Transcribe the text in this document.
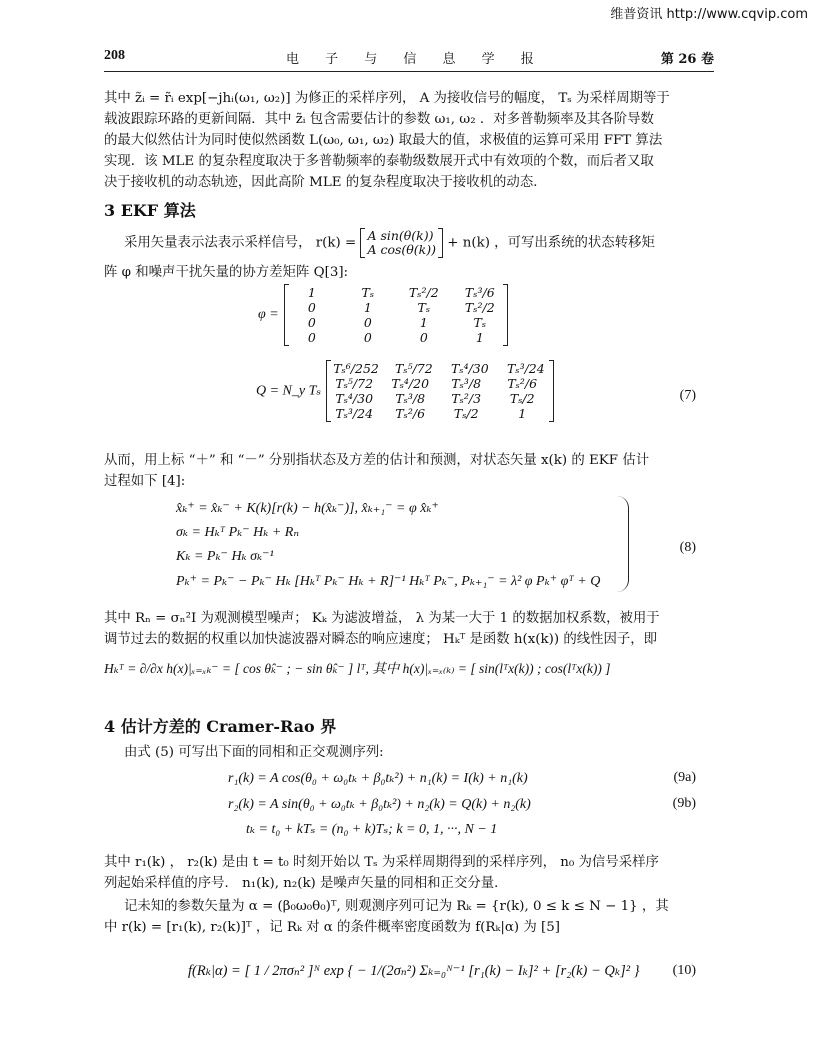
维普资讯 http://www.cqvip.com
208	电 子 与 信 息 学 报	第 26 卷
其中 z̃ᵢ = r̃ᵢ exp[−jhᵢ(ω₁, ω₂)] 为修正的采样序列， A 为接收信号的幅度， Tₛ 为采样周期等于
载波跟踪环路的更新间隔．其中 z̃ᵢ 包含需要估计的参数 ω₁, ω₂ ．对多普勒频率及其各阶导数
的最大似然估计为同时使似然函数 L(ω₀, ω₁, ω₂) 取最大的值，求极值的运算可采用 FFT 算法
实现．该 MLE 的复杂程度取决于多普勒频率的泰勒级数展开式中有效项的个数，而后者又取
决于接收机的动态轨迹，因此高阶 MLE 的复杂程度取决于接收机的动态．
3 EKF 算法
采用矢量表示法表示采样信号， r(k) = A sin(θ(k))
A cos(θ(k)) + n(k) ，可写出系统的状态转移矩
阵 φ 和噪声干扰矢量的协方差矩阵 Q[3]:
φ =
1	Tₛ	Tₛ²/2	Tₛ³/6
0	1	Tₛ	Tₛ²/2
0	0	1	Tₛ
0	0	0	1
Q = N_y Tₛ
Tₛ⁶/252 Tₛ⁵/72 Tₛ⁴/30 Tₛ³/24
Tₛ⁵/72 Tₛ⁴/20	Tₛ³/8	Tₛ²/6
Tₛ⁴/30	Tₛ³/8	Tₛ²/3	Tₛ/2
Tₛ³/24	Tₛ²/6	Tₛ/2	1
(7)
从而，用上标 “＋” 和 “－” 分别指状态及方差的估计和预测，对状态矢量 x(k) 的 EKF 估计
过程如下 [4]:
x̂ₖ⁺ = x̂ₖ⁻ + K(k)[r(k) − h(x̂ₖ⁻)], x̂ₖ₊₁⁻ = φ x̂ₖ⁺
σₖ = Hₖᵀ Pₖ⁻ Hₖ + Rₙ
Kₖ = Pₖ⁻ Hₖ σₖ⁻¹
Pₖ⁺ = Pₖ⁻ − Pₖ⁻ Hₖ [Hₖᵀ Pₖ⁻ Hₖ + R]⁻¹ Hₖᵀ Pₖ⁻, Pₖ₊₁⁻ = λ² φ Pₖ⁺ φᵀ + Q
(8)
其中 Rₙ = σₙ²I 为观测模型噪声； Kₖ 为滤波增益， λ 为某一大于 1 的数据加权系数，被用于
调节过去的数据的权重以加快滤波器对瞬态的响应速度； Hₖᵀ 是函数 h(x(k)) 的线性因子，即
Hₖᵀ = ∂/∂x h(x)|ₓ₌ₓₖ⁻ = [ cos θ̂ₖ⁻ ; − sin θ̂ₖ⁻ ] lᵀ, 其中 h(x)|ₓ₌ₓ₍ₖ₎ = [ sin(lᵀx(k)) ; cos(lᵀx(k)) ]
4 估计方差的 Cramer-Rao 界
由式 (5) 可写出下面的同相和正交观测序列:
r₁(k) = A cos(θ₀ + ω₀tₖ + β₀tₖ²) + n₁(k) = I(k) + n₁(k)	(9a)
r₂(k) = A sin(θ₀ + ω₀tₖ + β₀tₖ²) + n₂(k) = Q(k) + n₂(k)	(9b)
tₖ = t₀ + kTₛ = (n₀ + k)Tₛ; k = 0, 1, ···, N − 1
其中 r₁(k) ， r₂(k) 是由 t = t₀ 时刻开始以 Tₛ 为采样周期得到的采样序列， n₀ 为信号采样序
列起始采样值的序号． n₁(k), n₂(k) 是噪声矢量的同相和正交分量．
记未知的参数矢量为 α = (β₀ω₀θ₀)ᵀ, 则观测序列可记为 Rₖ = {r(k), 0 ≤ k ≤ N − 1} ，其
中 r(k) = [r₁(k), r₂(k)]ᵀ ，记 Rₖ 对 α 的条件概率密度函数为 f(Rₖ|α) 为 [5]
f(Rₖ|α) = [ 1 / 2πσₙ² ]ᴺ exp { − 1/(2σₙ²) Σₖ₌₀ᴺ⁻¹ [r₁(k) − Iₖ]² + [r₂(k) − Qₖ]² } (10)
